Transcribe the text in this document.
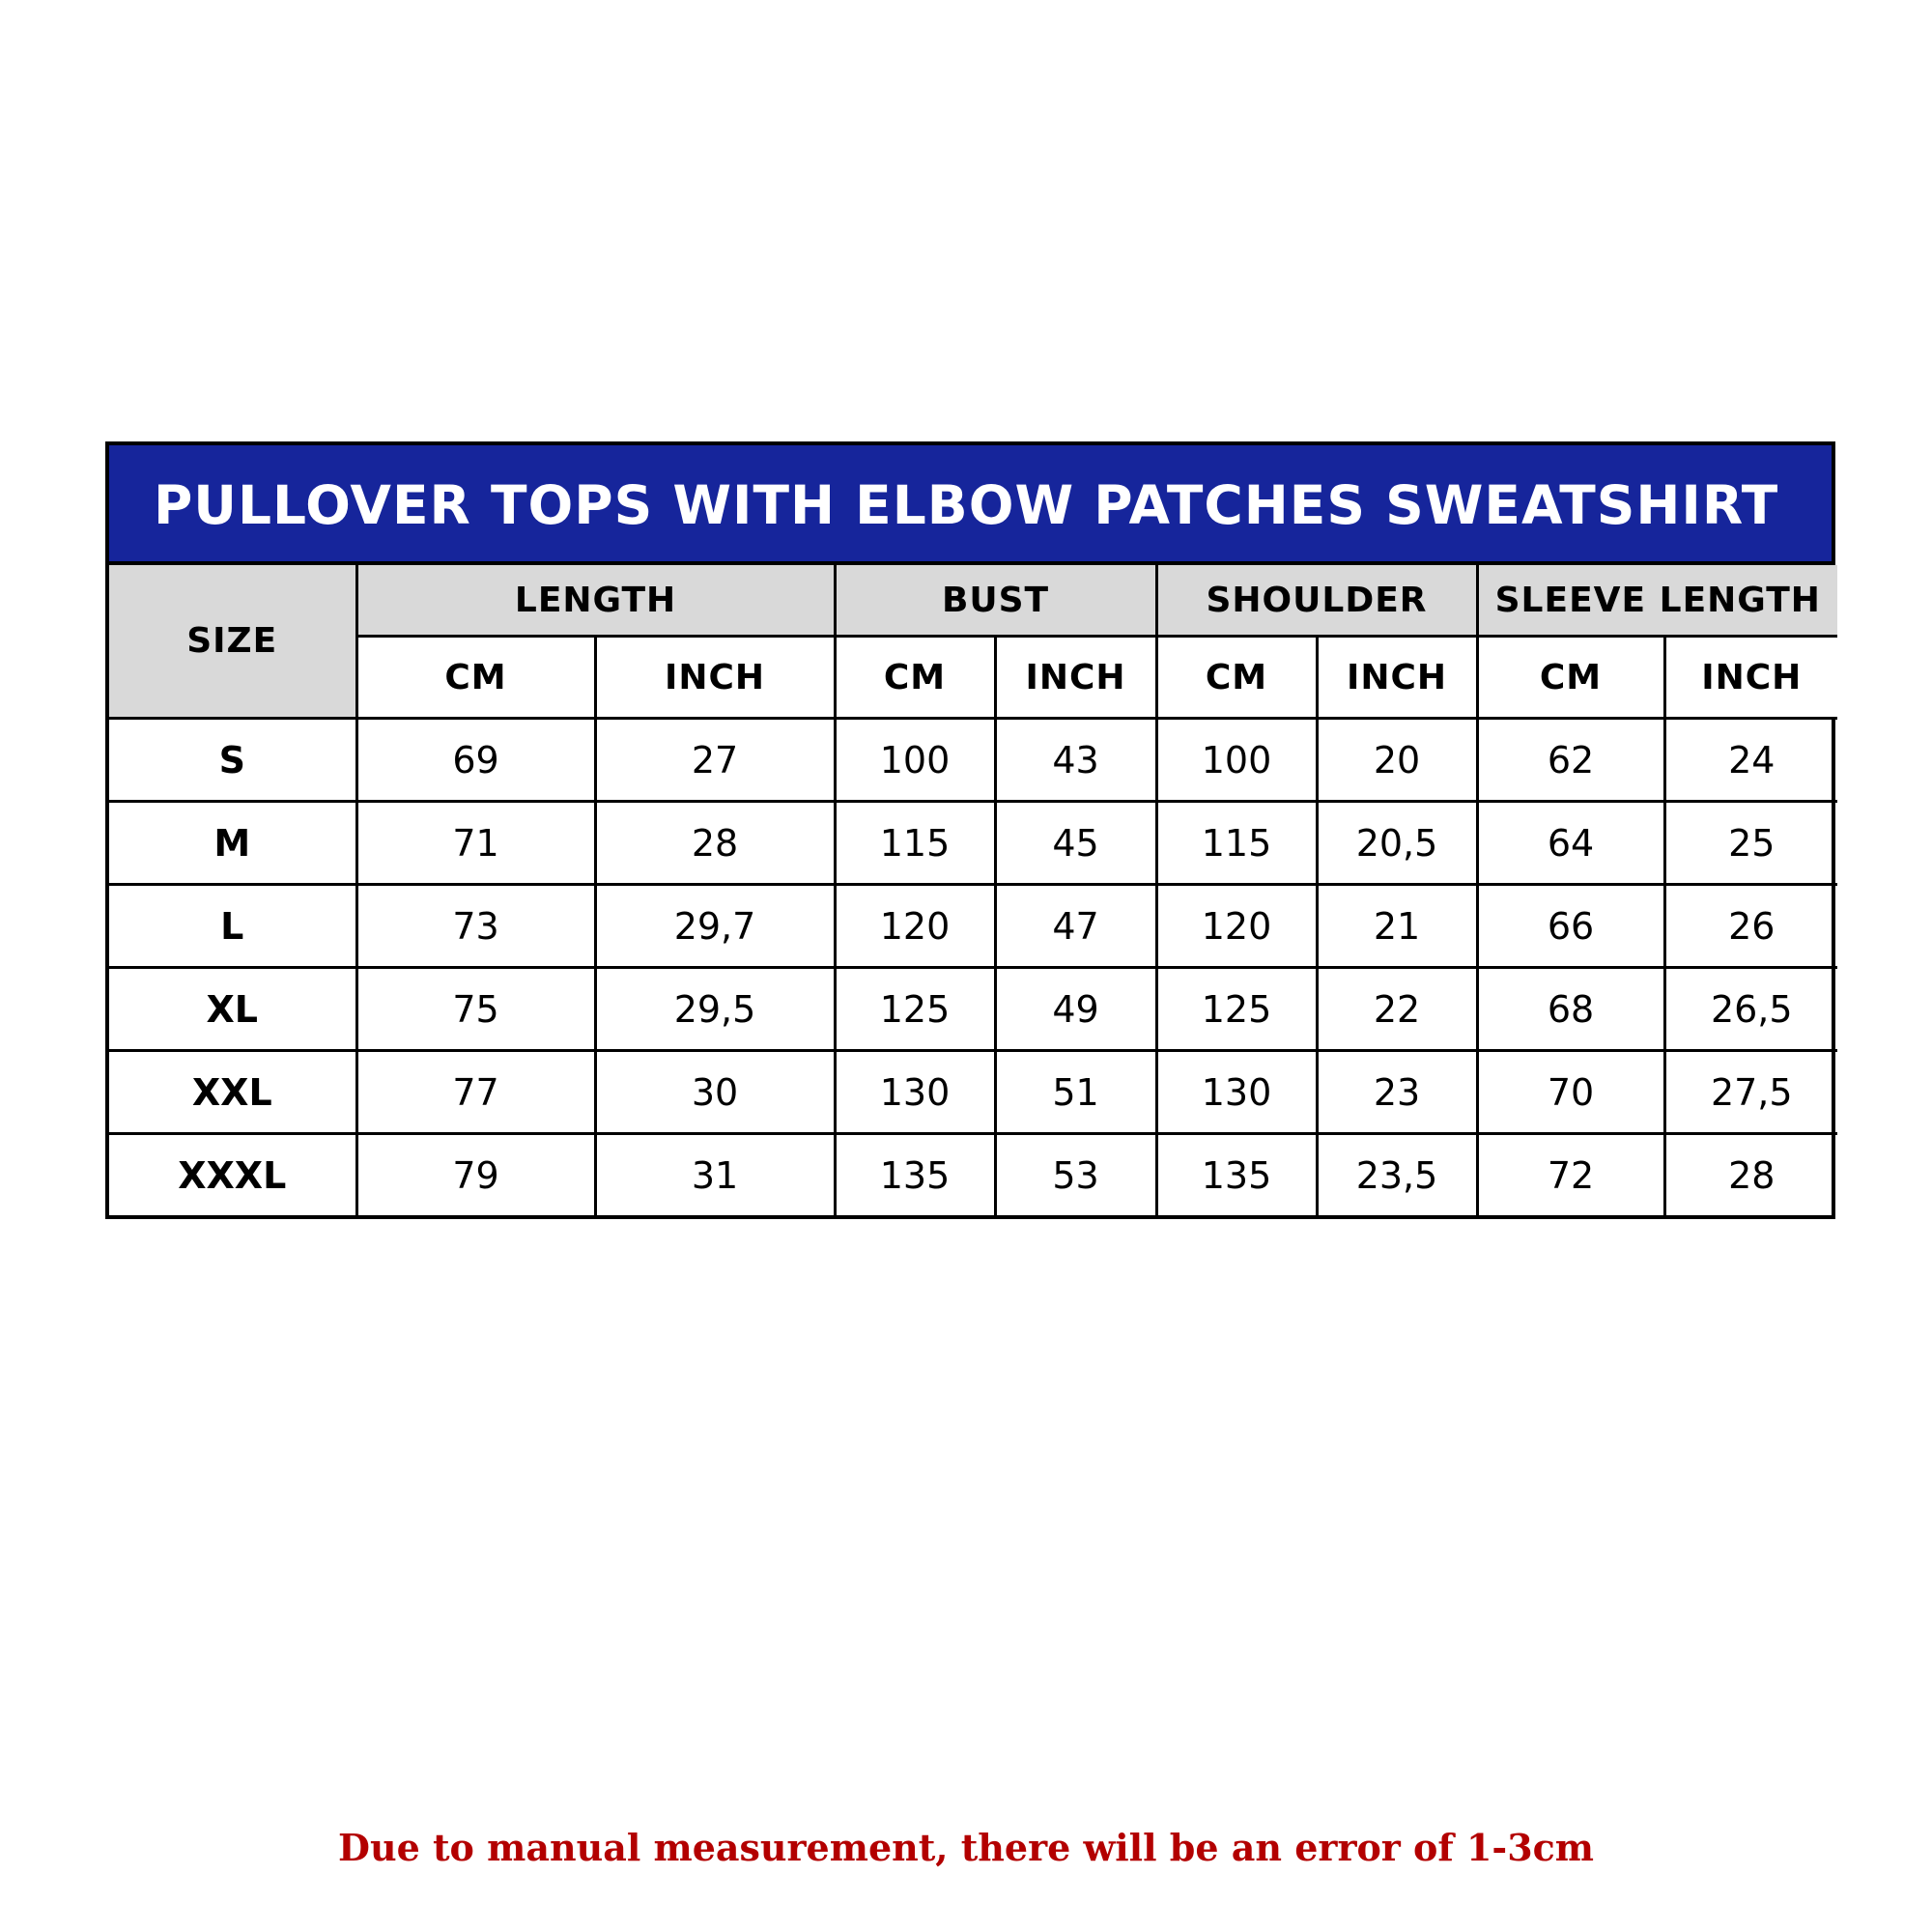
PULLOVER TOPS WITH ELBOW PATCHES SWEATSHIRT
SIZE	LENGTH		BUST		SHOULDER		SLEEVE LENGTH	
	CM	INCH	CM	INCH	CM	INCH	CM	INCH
S	69	27	100	43	100	20	62	24
M	71	28	115	45	115	20,5	64	25
L	73	29,7	120	47	120	21	66	26
XL	75	29,5	125	49	125	22	68	26,5
XXL	77	30	130	51	130	23	70	27,5
XXXL	79	31	135	53	135	23,5	72	28
Due to manual measurement, there will be an error of 1-3cm
